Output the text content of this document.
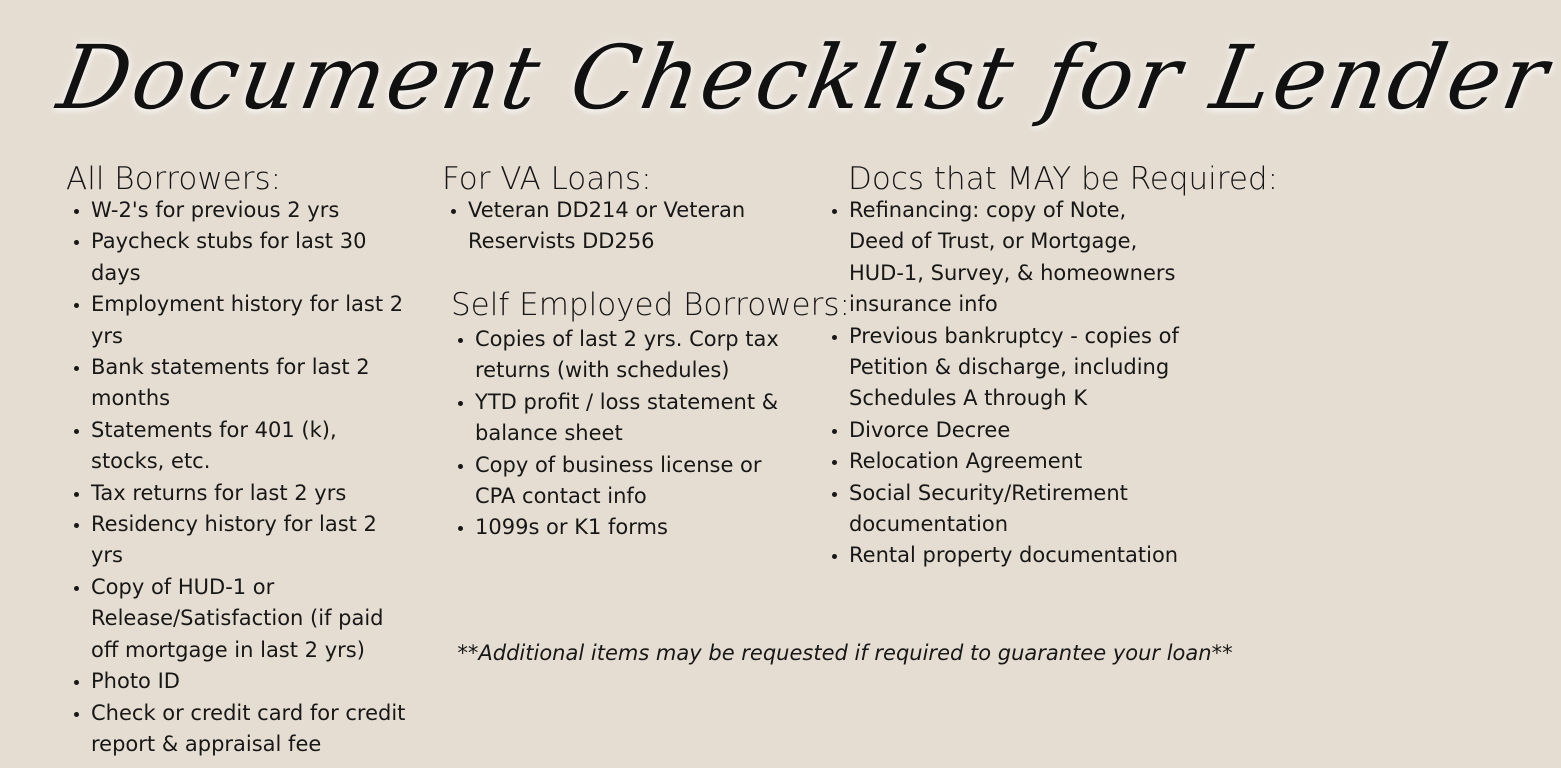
Document Checklist for Lender
All Borrowers:
• W-2's for previous 2 yrs
• Paycheck stubs for last 30 days
• Employment history for last 2 yrs
• Bank statements for last 2 months
• Statements for 401 (k), stocks, etc.
• Tax returns for last 2 yrs
• Residency history for last 2 yrs
• Copy of HUD-1 or Release/Satisfaction (if paid off mortgage in last 2 yrs)
• Photo ID
• Check or credit card for credit report & appraisal fee
For VA Loans:
• Veteran DD214 or Veteran Reservists DD256
Self Employed Borrowers:
• Copies of last 2 yrs. Corp tax returns (with schedules)
• YTD profit / loss statement & balance sheet
• Copy of business license or CPA contact info
• 1099s or K1 forms
Docs that MAY be Required:
• Refinancing: copy of Note, Deed of Trust, or Mortgage, HUD-1, Survey, & homeowners insurance info
• Previous bankruptcy - copies of Petition & discharge, including Schedules A through K
• Divorce Decree
• Relocation Agreement
• Social Security/Retirement documentation
• Rental property documentation

**Additional items may be requested if required to guarantee your loan**
